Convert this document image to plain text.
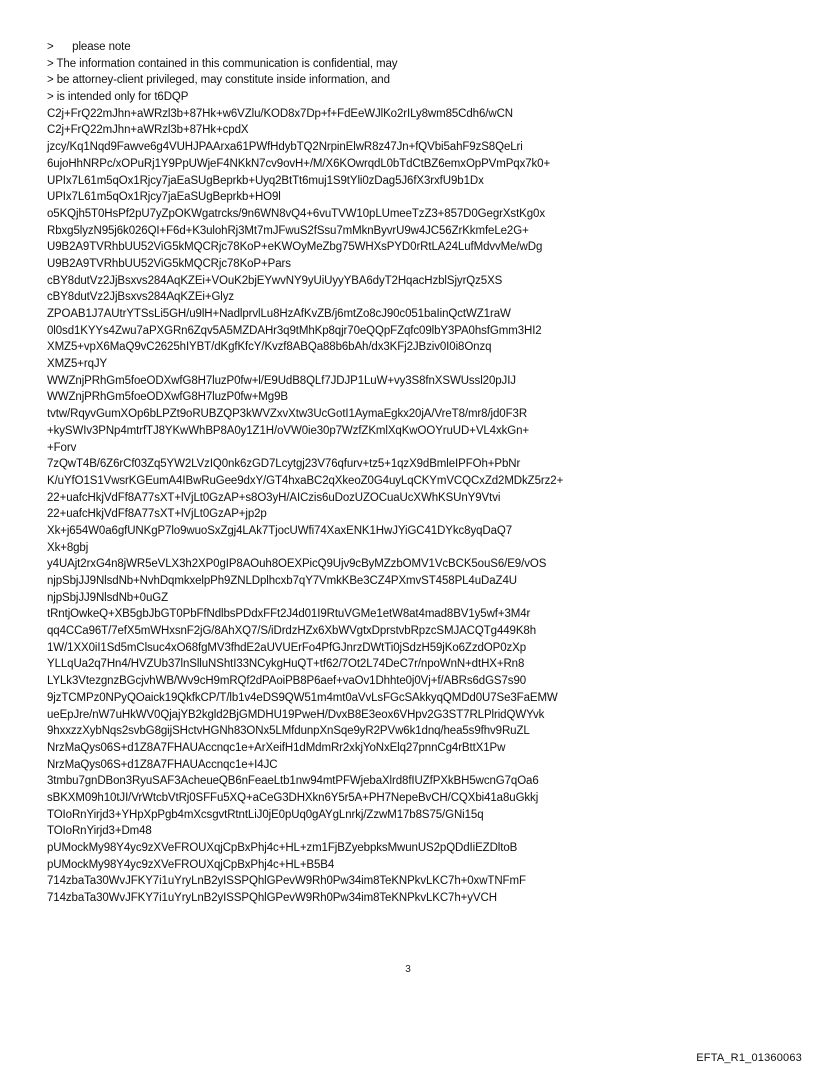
>      please note
> The information contained in this communication is confidential, may
> be attorney-client privileged, may constitute inside information, and
> is intended only for t6DQP
C2j+FrQ22mJhn+aWRzl3b+87Hk+w6VZlu/KOD8x7Dp+f+FdEeWJlKo2rILy8wm85Cdh6/wCN
C2j+FrQ22mJhn+aWRzl3b+87Hk+cpdX
jzcy/Kq1Nqd9Fawve6g4VUHJPAArxa61PWfHdybTQ2NrpinElwR8z47Jn+fQVbi5ahF9zS8QeLri
6ujoHhNRPc/xOPuRj1Y9PpUWjeF4NKkN7cv9ovH+/M/X6KOwrqdL0bTdCtBZ6emxOpPVmPqx7k0+
UPIx7L61m5qOx1Rjcy7jaEaSUgBeprkb+Uyq2BtTt6muj1S9tYli0zDag5J6fX3rxfU9b1Dx
UPIx7L61m5qOx1Rjcy7jaEaSUgBeprkb+HO9l
o5KQjh5T0HsPf2pU7yZpOKWgatrcks/9n6WN8vQ4+6vuTVW10pLUmeeTzZ3+857D0GegrXstKg0x
Rbxg5lyzN95j6k026QI+F6d+K3ulohRj3Mt7mJFwuS2fSsu7mMknByvrU9w4JC56ZrKkmfeLe2G+
U9B2A9TVRhbUU52ViG5kMQCRjc78KoP+eKWOyMeZbg75WHXsPYD0rRtLA24LufMdvvMe/wDg
U9B2A9TVRhbUU52ViG5kMQCRjc78KoP+Pars
cBY8dutVz2JjBsxvs284AqKZEi+VOuK2bjEYwvNY9yUiUyyYBA6dyT2HqacHzblSjyrQz5XS
cBY8dutVz2JjBsxvs284AqKZEi+Glyz
ZPOAB1J7AUtrYTSsLi5GH/u9lH+NadlprvlLu8HzAfKvZB/j6mtZo8cJ90c051baIinQctWZ1raW
0l0sd1KYYs4Zwu7aPXGRn6Zqv5A5MZDAHr3q9tMhKp8qjr70eQQpFZqfc09lbY3PA0hsfGmm3HI2
XMZ5+vpX6MaQ9vC2625hIYBT/dKgfKfcY/Kvzf8ABQa88b6bAh/dx3KFj2JBziv0I0i8Onzq
XMZ5+rqJY
WWZnjPRhGm5foeODXwfG8H7luzP0fw+l/E9UdB8QLf7JDJP1LuW+vy3S8fnXSWUssl20pJIJ
WWZnjPRhGm5foeODXwfG8H7luzP0fw+Mg9B
tvtw/RqyvGumXOp6bLPZt9oRUBZQP3kWVZxvXtw3UcGotI1AymaEgkx20jA/VreT8/mr8/jd0F3R
+kySWIv3PNp4mtrfTJ8YKwWhBP8A0y1Z1H/oVW0ie30p7WzfZKmlXqKwOOYruUD+VL4xkGn+
+Forv
7zQwT4B/6Z6rCf03Zq5YW2LVzIQ0nk6zGD7Lcytgj23V76qfurv+tz5+1qzX9dBmleIPFOh+PbNr
K/uYfO1S1VwsrKGEumA4IBwRuGee9dxY/GT4hxaBC2qXkeoZ0G4uyLqCKYmVCQCxZd2MDkZ5rz2+
22+uafcHkjVdFf8A77sXT+lVjLt0GzAP+s8O3yH/AICzis6uDozUZOCuaUcXWhKSUnY9Vtvi
22+uafcHkjVdFf8A77sXT+lVjLt0GzAP+jp2p
Xk+j654W0a6gfUNKgP7lo9wuoSxZgj4LAk7TjocUWfi74XaxENK1HwJYiGC41DYkc8yqDaQ7
Xk+8gbj
y4UAjt2rxG4n8jWR5eVLX3h2XP0gIP8AOuh8OEXPicQ9Ujv9cByMZzbOMV1VcBCK5ouS6/E9/vOS
njpSbjJJ9NlsdNb+NvhDqmkxelpPh9ZNLDplhcxb7qY7VmkKBe3CZ4PXmvST458PL4uDaZ4U
njpSbjJJ9NlsdNb+0uGZ
tRntjOwkeQ+XB5gbJbGT0PbFfNdlbsPDdxFFt2J4d01I9RtuVGMe1etW8at4mad8BV1y5wf+3M4r
qq4CCa96T/7efX5mWHxsnF2jG/8AhXQ7/S/iDrdzHZx6XbWVgtxDprstvbRpzcSMJACQTg449K8h
1W/1XX0iI1Sd5mClsuc4xO68fgMV3fhdE2aUVUErFo4PfGJnrzDWtTi0jSdzH59jKo6ZzdOP0zXp
YLLqUa2q7Hn4/HVZUb37lnSlluNShtI33NCykgHuQT+tf62/7Ot2L74DeC7r/npoWnN+dtHX+Rn8
LYLk3VtezgnzBGcjvhWB/Wv9cH9mRQf2dPAoiPB8P6aef+vaOv1Dhhte0j0Vj+f/ABRs6dGS7s90
9jzTCMPz0NPyQOaick19QkfkCP/T/lb1v4eDS9QW51m4mt0aVvLsFGcSAkkyqQMDd0U7Se3FaEMW
ueEpJre/nW7uHkWV0QjajYB2kgld2BjGMDHU19PweH/DvxB8E3eox6VHpv2G3ST7RLPlridQWYvk
9hxxzzXybNqs2svbG8gijSHctvHGNh83ONx5LMfdunpXnSqe9yR2PVw6k1dnq/hea5s9fhv9RuZL
NrzMaQys06S+d1Z8A7FHAUAccnqc1e+ArXeifH1dMdmRr2xkjYoNxElq27pnnCg4rBttX1Pw
NrzMaQys06S+d1Z8A7FHAUAccnqc1e+I4JC
3tmbu7gnDBon3RyuSAF3AcheueQB6nFeaeLtb1nw94mtPFWjebaXlrd8fIUZfPXkBH5wcnG7qOa6
sBKXM09h10tJI/VrWtcbVtRj0SFFu5XQ+aCeG3DHXkn6Y5r5A+PH7NepeBvCH/CQXbi41a8uGkkj
TOIoRnYirjd3+YHpXpPgb4mXcsgvtRtntLiJ0jE0pUq0gAYgLnrkj/ZzwM17b8S75/GNi15q
TOIoRnYirjd3+Dm48
pUMockMy98Y4yc9zXVeFROUXqjCpBxPhj4c+HL+zm1FjBZyebpksMwunUS2pQDdIiEZDltoB
pUMockMy98Y4yc9zXVeFROUXqjCpBxPhj4c+HL+B5B4
714zbaTa30WvJFKY7i1uYryLnB2yISSPQhlGPevW9Rh0Pw34im8TeKNPkvLKC7h+0xwTNFmF
714zbaTa30WvJFKY7i1uYryLnB2yISSPQhlGPevW9Rh0Pw34im8TeKNPkvLKC7h+yVCH
3
EFTA_R1_01360063
